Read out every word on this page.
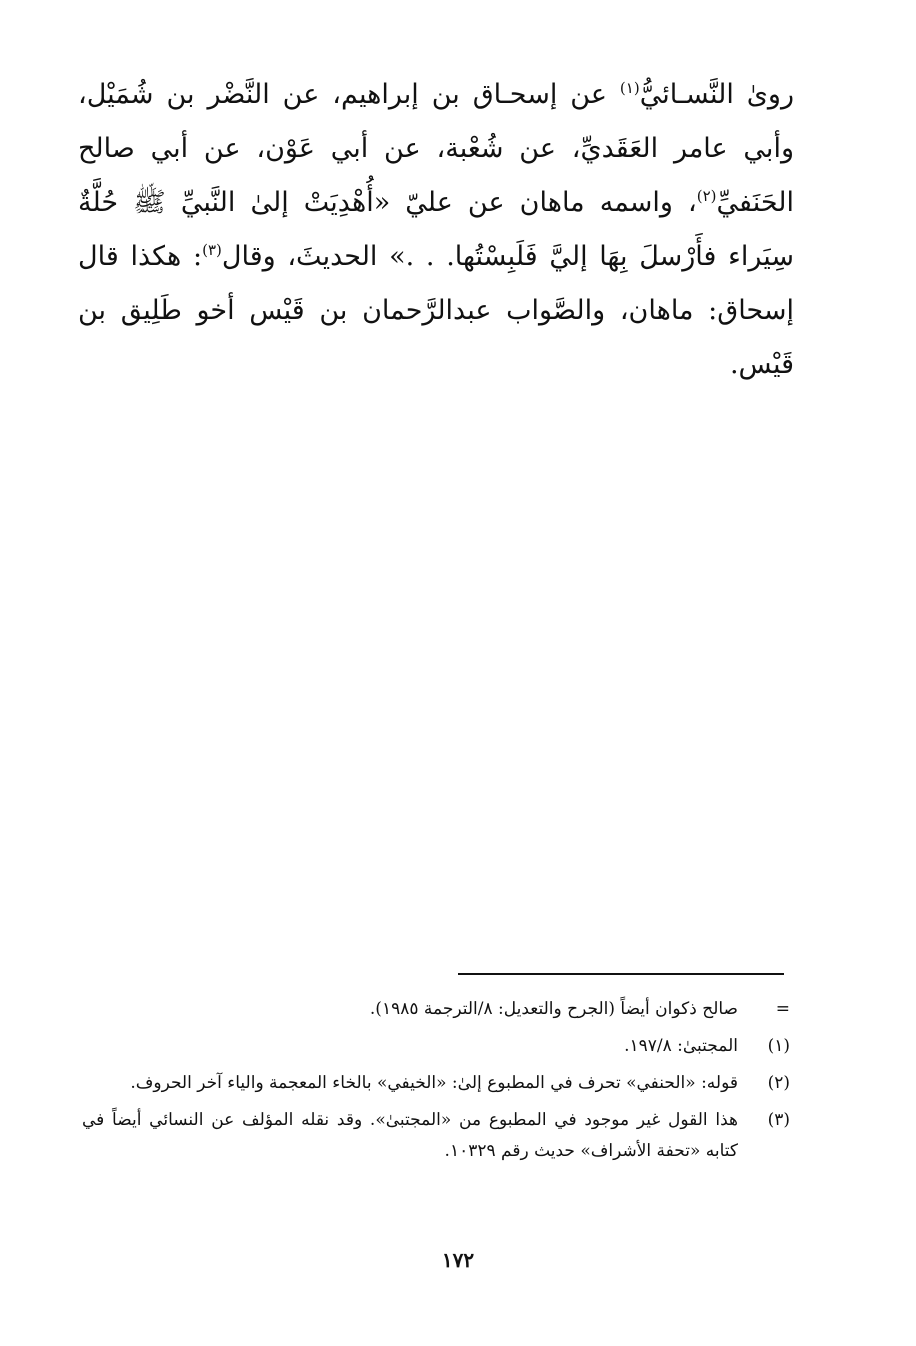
رویٰ النَّسـائيُّ$^{(١)}$ عن إسحـاق بن إبراهيم، عن النَّضْر بن شُمَيْل، وأبي عامر العَقَديِّ، عن شُعْبة، عن أبي عَوْن، عن أبي صالح الحَنَفيِّ$^{(٢)}$، واسمه ماهان عن عليّ «أُهْدِيَتْ إلىٰ النَّبيِّ ﷺ حُلَّةٌ سِيَراء فأَرْسلَ بِهَا إليَّ فَلَبِسْتُها. . .» الحديثَ، وقال$^{(٣)}$: هكذا قال إسحاق: ماهان، والصَّواب عبدالرَّحمان بن قَيْس أخو طَلِيق بن قَيْس.

=
صالح ذكوان أيضاً (الجرح والتعديل: ٨/الترجمة ١٩٨٥).
(١)
المجتبیٰ: ١٩٧/٨.
(٢)
قوله: «الحنفي» تحرف في المطبوع إلیٰ: «الخيفي» بالخاء المعجمة والياء آخر الحروف.
(٣)
هذا القول غير موجود في المطبوع من «المجتبیٰ». وقد نقله المؤلف عن النسائي أيضاً في كتابه «تحفة الأشراف» حديث رقم ١٠٣٢٩.
١٧٢
